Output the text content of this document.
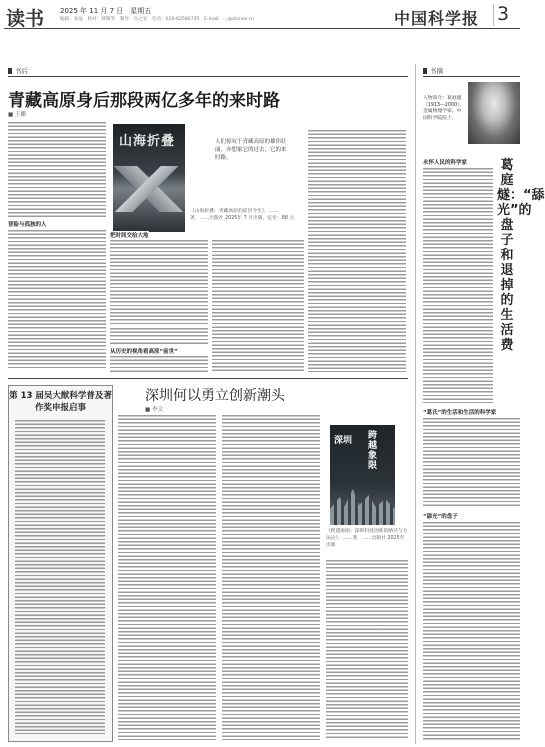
读书 2025 年 11 月 7 日　星期五
编辑：张晶　校对：韩敬等　制作：冯之安　电话：010-62580735　E-mail：...@stimes.cn	中国科学报 3
书后
青藏高原身后那段两亿多年的来时路
■ 王鹏
冒险与孤独的人
山海折叠	人们惊叹于青藏高原的雄伟壮丽，亦想象它的过去，它的来时路。
《山海折叠：青藏高原的前世今生》，……著，……出版社 2025年 7 月出版，定价：88 元
把时间交给大地
从历史的视角看高原“前世”
第 13 届吴大猷科学普及著作奖申报启事
深圳何以勇立创新潮头
■ 李文
深圳 跨越象限
《跨越象限：深圳科技创新的路径与方法论》，……著，……出版社 2025年出版
书摘
人物简介：葛庭燧（1913—2000），金属物理学家。中国科学院院士。
葛庭燧：“舔光”的盘子和退掉的生活费
永怀人民的科学家
“葛氏”的生活和生活的科学家
“舔光”的盘子
